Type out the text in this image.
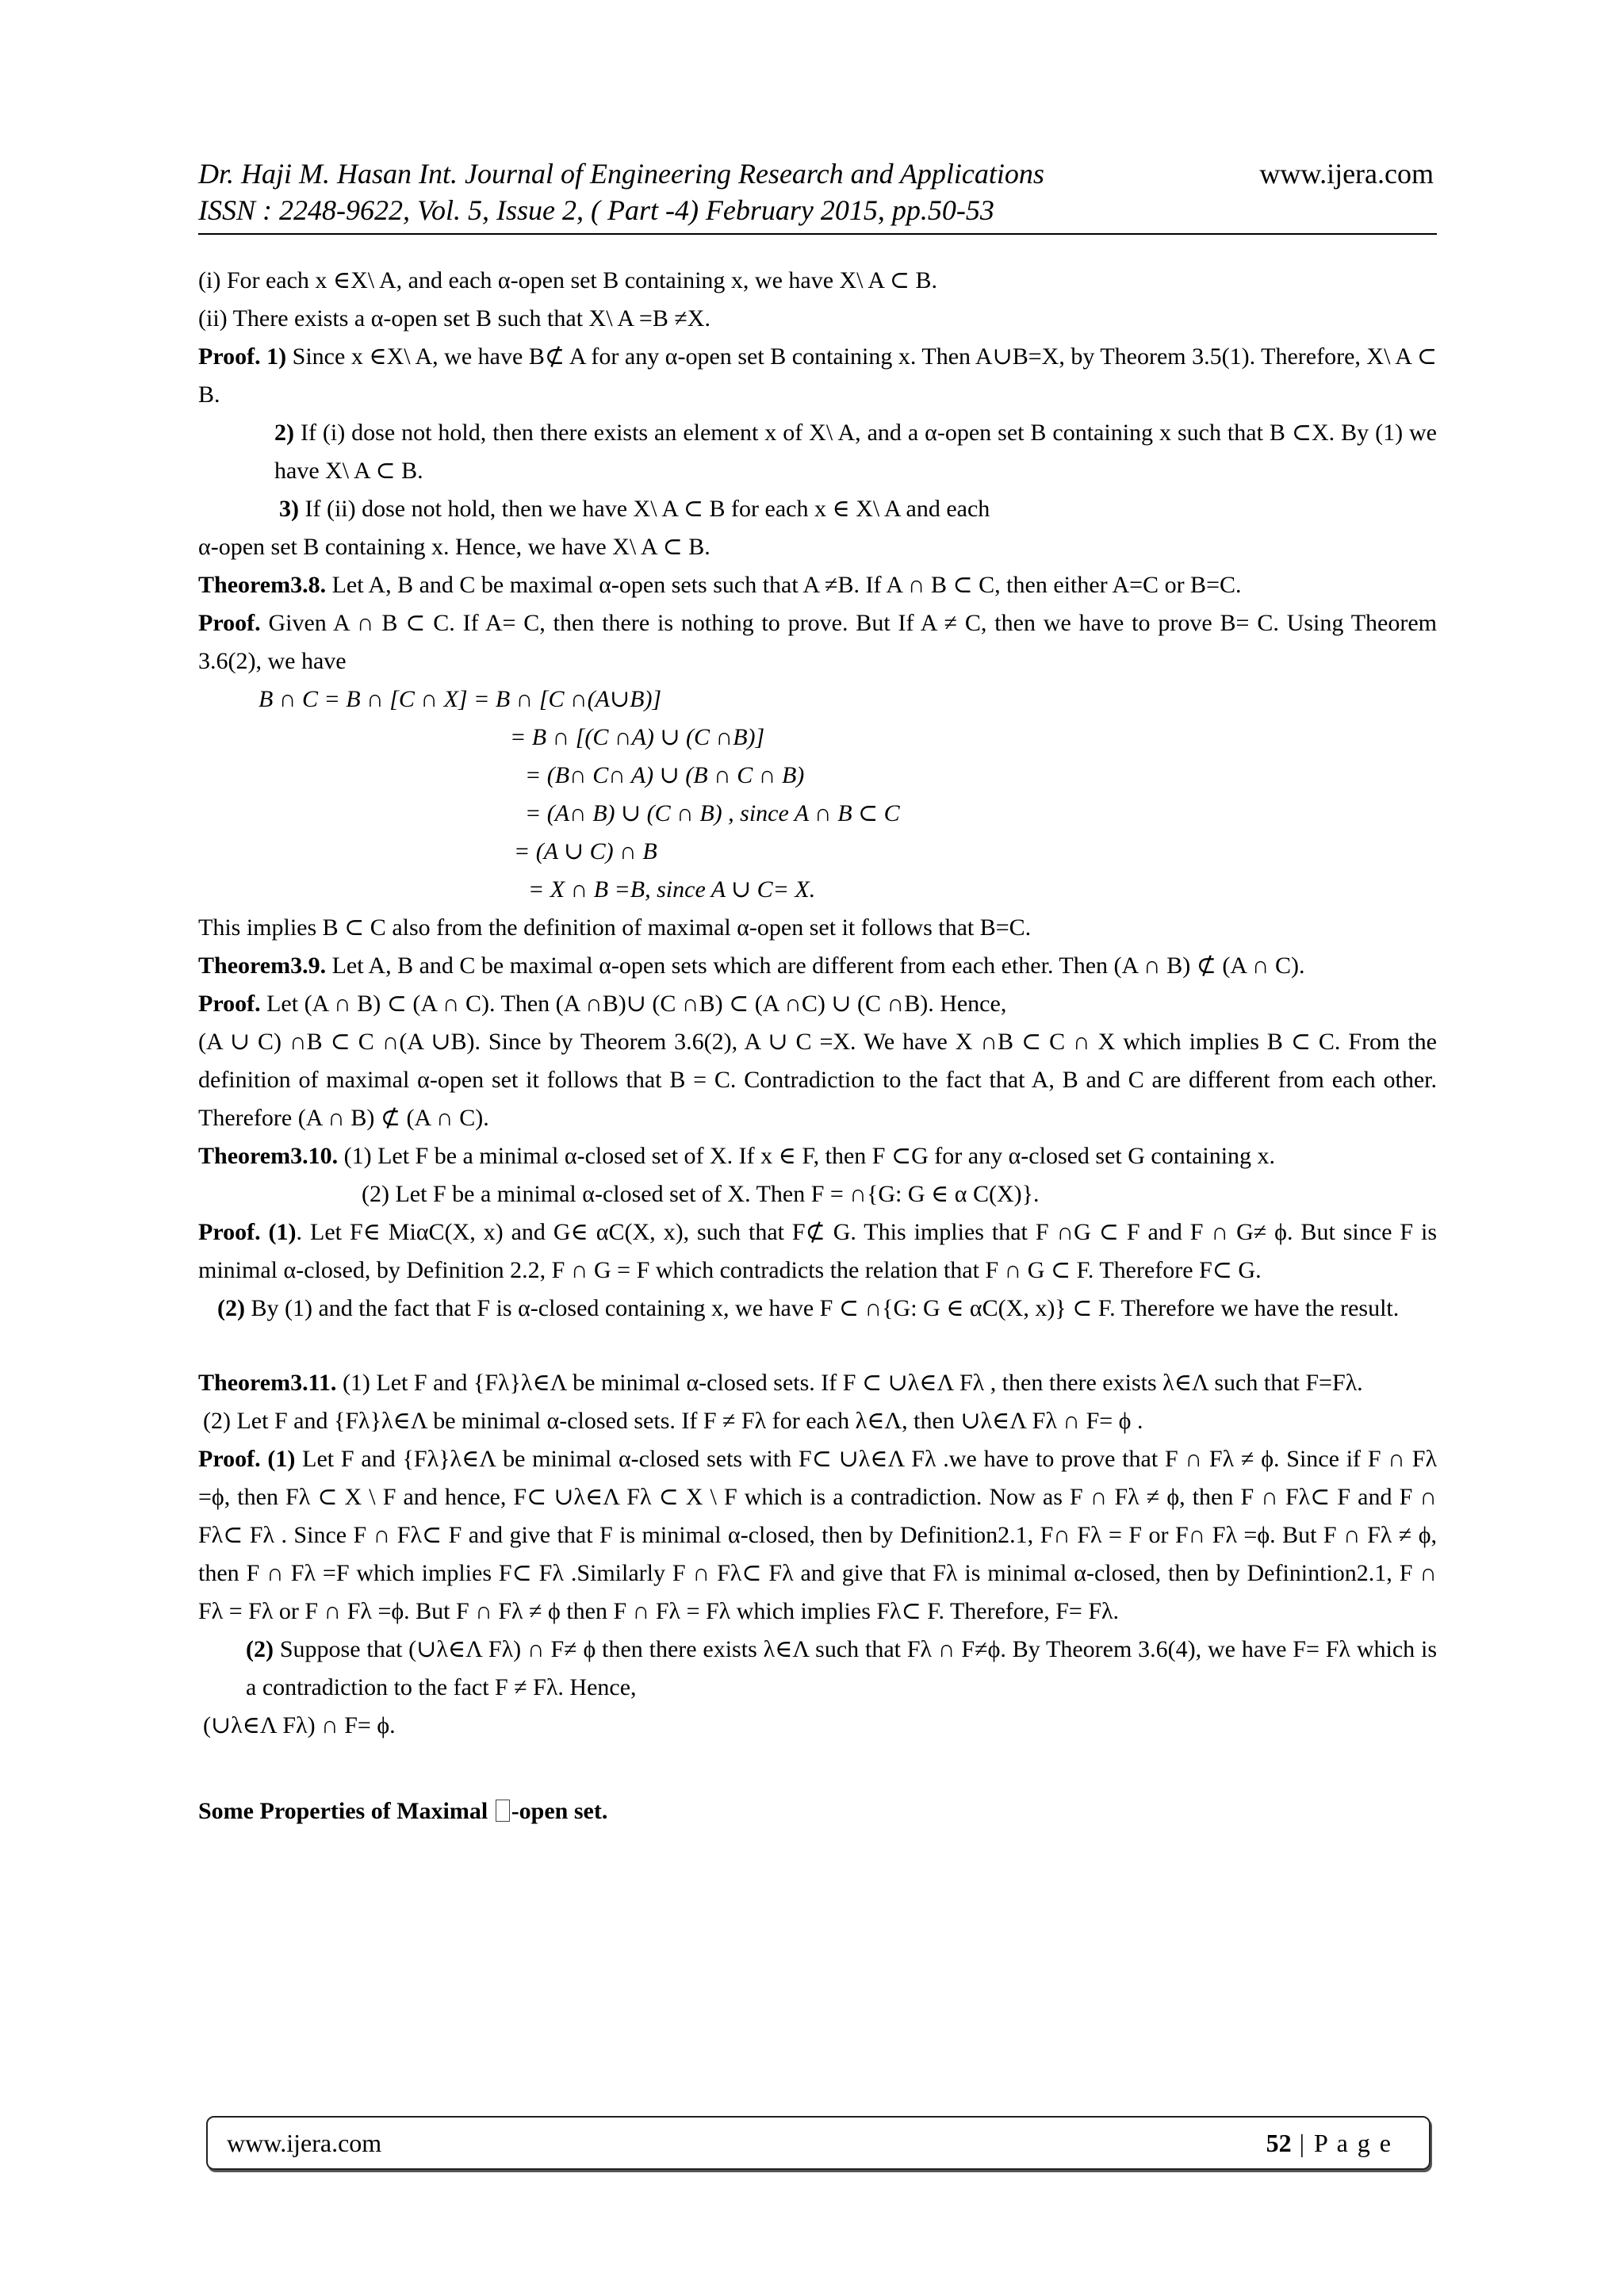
Dr. Haji M. Hasan Int. Journal of Engineering Research and Applications	www.ijera.com
ISSN : 2248-9622, Vol. 5, Issue 2, ( Part -4) February 2015, pp.50-53

(i) For each x ∈X\ A, and each α-open set B containing x, we have X\ A ⊂ B.

(ii) There exists a α-open set B such that X\ A =B ≠X.

Proof. 1) Since x ∈X\ A, we have B⊄ A for any α-open set B containing x. Then A∪B=X, by Theorem 3.5(1). Therefore, X\ A ⊂ B.

2) If (i) dose not hold, then there exists an element x of X\ A, and a α-open set B containing x such that B ⊂X. By (1) we have X\ A ⊂ B.

3) If (ii) dose not hold, then we have X\ A ⊂ B for each x ∈ X\ A and each

α-open set B containing x. Hence, we have X\ A ⊂ B.

Theorem3.8. Let A, B and C be maximal α-open sets such that A ≠B. If A ∩ B ⊂ C, then either A=C or B=C.

Proof. Given A ∩ B ⊂ C. If A= C, then there is nothing to prove. But If A ≠ C, then we have to prove B= C. Using Theorem 3.6(2), we have

B ∩ C = B ∩ [C ∩ X] = B ∩ [C ∩(A∪B)]

= B ∩ [(C ∩A) ∪ (C ∩B)]

= (B∩ C∩ A) ∪ (B ∩ C ∩ B)

= (A∩ B) ∪ (C ∩ B) , since A ∩ B ⊂ C

= (A ∪ C) ∩ B

= X ∩ B =B, since A ∪ C= X.

This implies B ⊂ C also from the definition of maximal α-open set it follows that B=C.

Theorem3.9. Let A, B and C be maximal α-open sets which are different from each ether. Then (A ∩ B) ⊄ (A ∩ C).

Proof. Let (A ∩ B) ⊂ (A ∩ C). Then (A ∩B)∪ (C ∩B) ⊂ (A ∩C) ∪ (C ∩B). Hence,

(A ∪ C) ∩B ⊂ C ∩(A ∪B). Since by Theorem 3.6(2), A ∪ C =X. We have X ∩B ⊂ C ∩ X which implies B ⊂ C. From the definition of maximal α-open set it follows that B = C. Contradiction to the fact that A, B and C are different from each other. Therefore (A ∩ B) ⊄ (A ∩ C).

Theorem3.10. (1) Let F be a minimal α-closed set of X. If x ∈ F, then F ⊂G for any α-closed set G containing x.

(2) Let F be a minimal α-closed set of X. Then F = ∩{G: G ∈ α C(X)}.

Proof. (1). Let F∈ MiαC(X, x) and G∈ αC(X, x), such that F⊄ G. This implies that F ∩G ⊂ F and F ∩ G≠ ϕ. But since F is minimal α-closed, by Definition 2.2, F ∩ G = F which contradicts the relation that F ∩ G ⊂ F. Therefore F⊂ G.

(2) By (1) and the fact that F is α-closed containing x, we have F ⊂ ∩{G: G ∈ αC(X, x)} ⊂ F. Therefore we have the result.

Theorem3.11. (1) Let F and {Fλ}λ∈Λ be minimal α-closed sets. If F ⊂ ∪λ∈Λ Fλ , then there exists λ∈Λ such that F=Fλ.

(2) Let F and {Fλ}λ∈Λ be minimal α-closed sets. If F ≠ Fλ for each λ∈Λ, then ∪λ∈Λ Fλ ∩ F= ϕ .

Proof. (1) Let F and {Fλ}λ∈Λ be minimal α-closed sets with F⊂ ∪λ∈Λ Fλ .we have to prove that F ∩ Fλ ≠ ϕ. Since if F ∩ Fλ =ϕ, then Fλ ⊂ X \ F and hence, F⊂ ∪λ∈Λ Fλ ⊂ X \ F which is a contradiction. Now as F ∩ Fλ ≠ ϕ, then F ∩ Fλ⊂ F and F ∩ Fλ⊂ Fλ . Since F ∩ Fλ⊂ F and give that F is minimal α-closed, then by Definition2.1, F∩ Fλ = F or F∩ Fλ =ϕ. But F ∩ Fλ ≠ ϕ, then F ∩ Fλ =F which implies F⊂ Fλ .Similarly F ∩ Fλ⊂ Fλ and give that Fλ is minimal α-closed, then by Definintion2.1, F ∩ Fλ = Fλ or F ∩ Fλ =ϕ. But F ∩ Fλ ≠ ϕ then F ∩ Fλ = Fλ which implies Fλ⊂ F. Therefore, F= Fλ.

(2) Suppose that (∪λ∈Λ Fλ) ∩ F≠ ϕ then there exists λ∈Λ such that Fλ ∩ F≠ϕ. By Theorem 3.6(4), we have F= Fλ which is a contradiction to the fact F ≠ Fλ. Hence,

(∪λ∈Λ Fλ) ∩ F= ϕ.

Some Properties of Maximal -open set.

www.ijera.com	52 | P a g e
